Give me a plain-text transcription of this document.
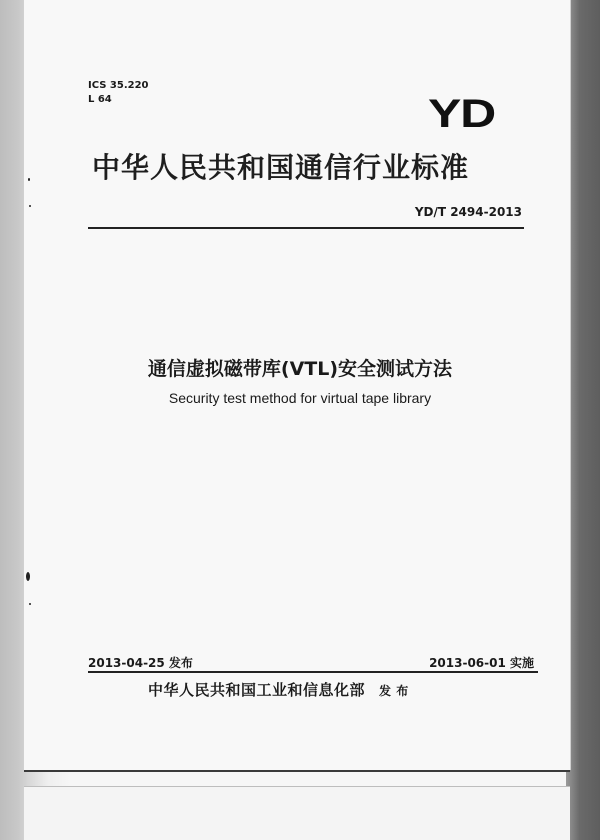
ICS 35.220
L 64	YD
中华人民共和国通信行业标准
YD/T 2494-2013
通信虚拟磁带库(VTL)安全测试方法
Security test method for virtual tape library
2013-04-25 发布	2013-06-01 实施
中华人民共和国工业和信息化部 发 布
